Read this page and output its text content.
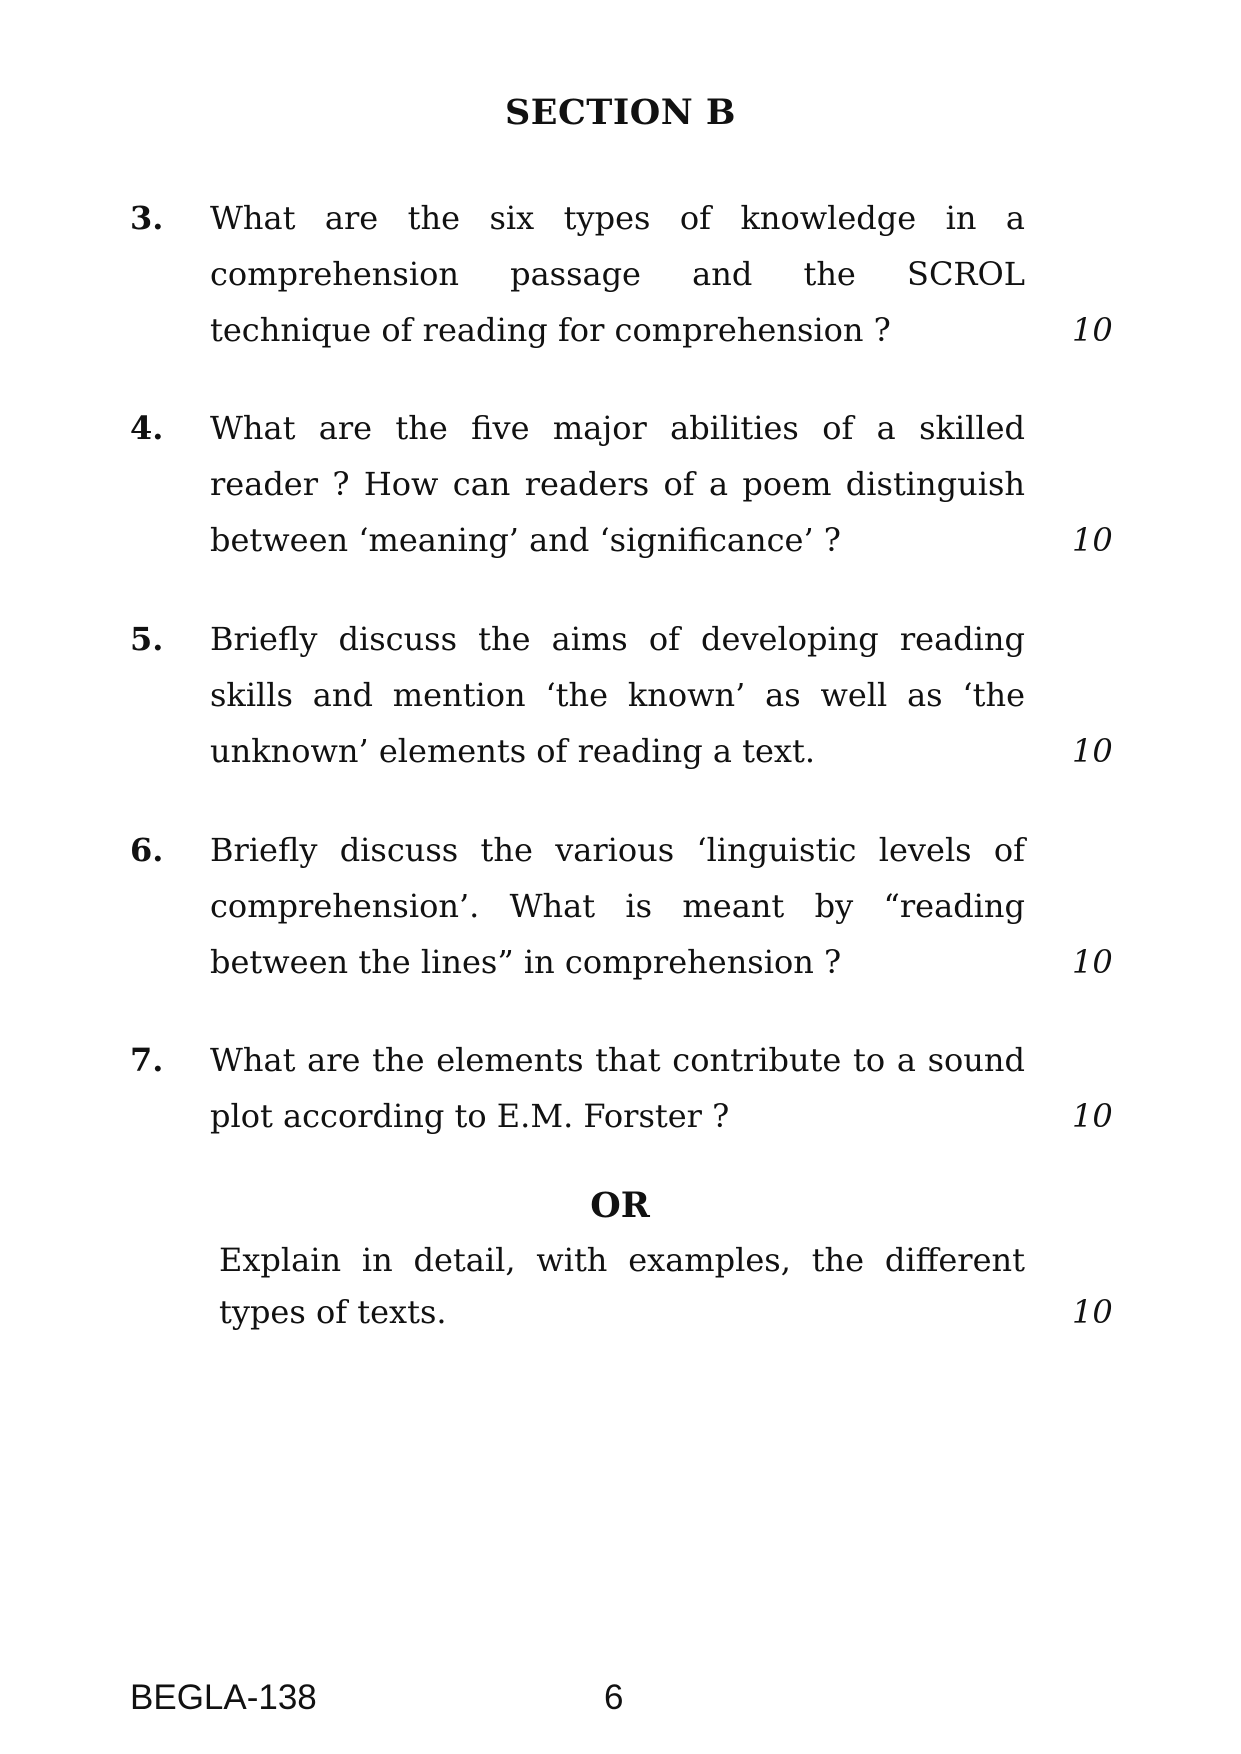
SECTION B
3. What are the six types of knowledge in a comprehension passage and the SCROL technique of reading for comprehension ?	10
4. What are the five major abilities of a skilled reader ? How can readers of a poem distinguish between ‘meaning’ and ‘significance’ ?	10
5. Briefly discuss the aims of developing reading skills and mention ‘the known’ as well as ‘the unknown’ elements of reading a text.	10
6. Briefly discuss the various ‘linguistic levels of comprehension’. What is meant by “reading between the lines” in comprehension ?	10
7. What are the elements that contribute to a sound plot according to E.M. Forster ?	10
OR
Explain in detail, with examples, the different types of texts.	10
BEGLA-138	6
